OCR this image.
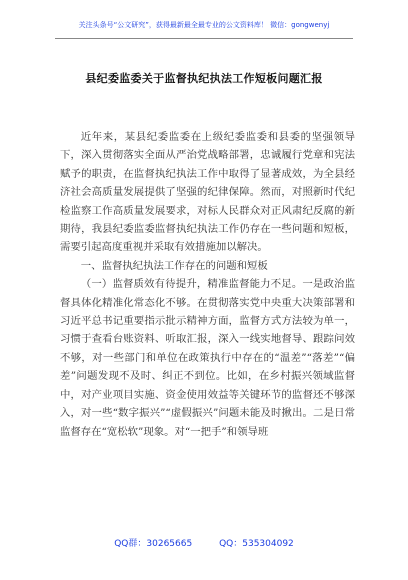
关注头条号“公文研究”，获得最新最全最专业的公文资料库！ 微信：gongwenyj
县纪委监委关于监督执纪执法工作短板问题汇报

近年来，某县纪委监委在上级纪委监委和县委的坚强领导下，深入贯彻落实全面从严治党战略部署，忠诚履行党章和宪法赋予的职责，在监督执纪执法工作中取得了显著成效，为全县经济社会高质量发展提供了坚强的纪律保障。然而，对照新时代纪检监察工作高质量发展要求，对标人民群众对正风肃纪反腐的新期待，我县纪委监委监督执纪执法工作仍存在一些问题和短板，需要引起高度重视并采取有效措施加以解决。

一、监督执纪执法工作存在的问题和短板

（一）监督质效有待提升，精准监督能力不足。一是政治监督具体化精准化常态化不够。在贯彻落实党中央重大决策部署和习近平总书记重要指示批示精神方面，监督方式方法较为单一，习惯于查看台账资料、听取汇报，深入一线实地督导、跟踪问效不够，对一些部门和单位在政策执行中存在的“温差”“落差”“偏差”问题发现不及时、纠正不到位。比如，在乡村振兴领域监督中，对产业项目实施、资金使用效益等关键环节的监督还不够深入，对一些“数字振兴”“虚假振兴”问题未能及时揪出。二是日常监督存在“宽松软”现象。对“一把手”和领导班

QQ群：30265665	QQ：535304092
